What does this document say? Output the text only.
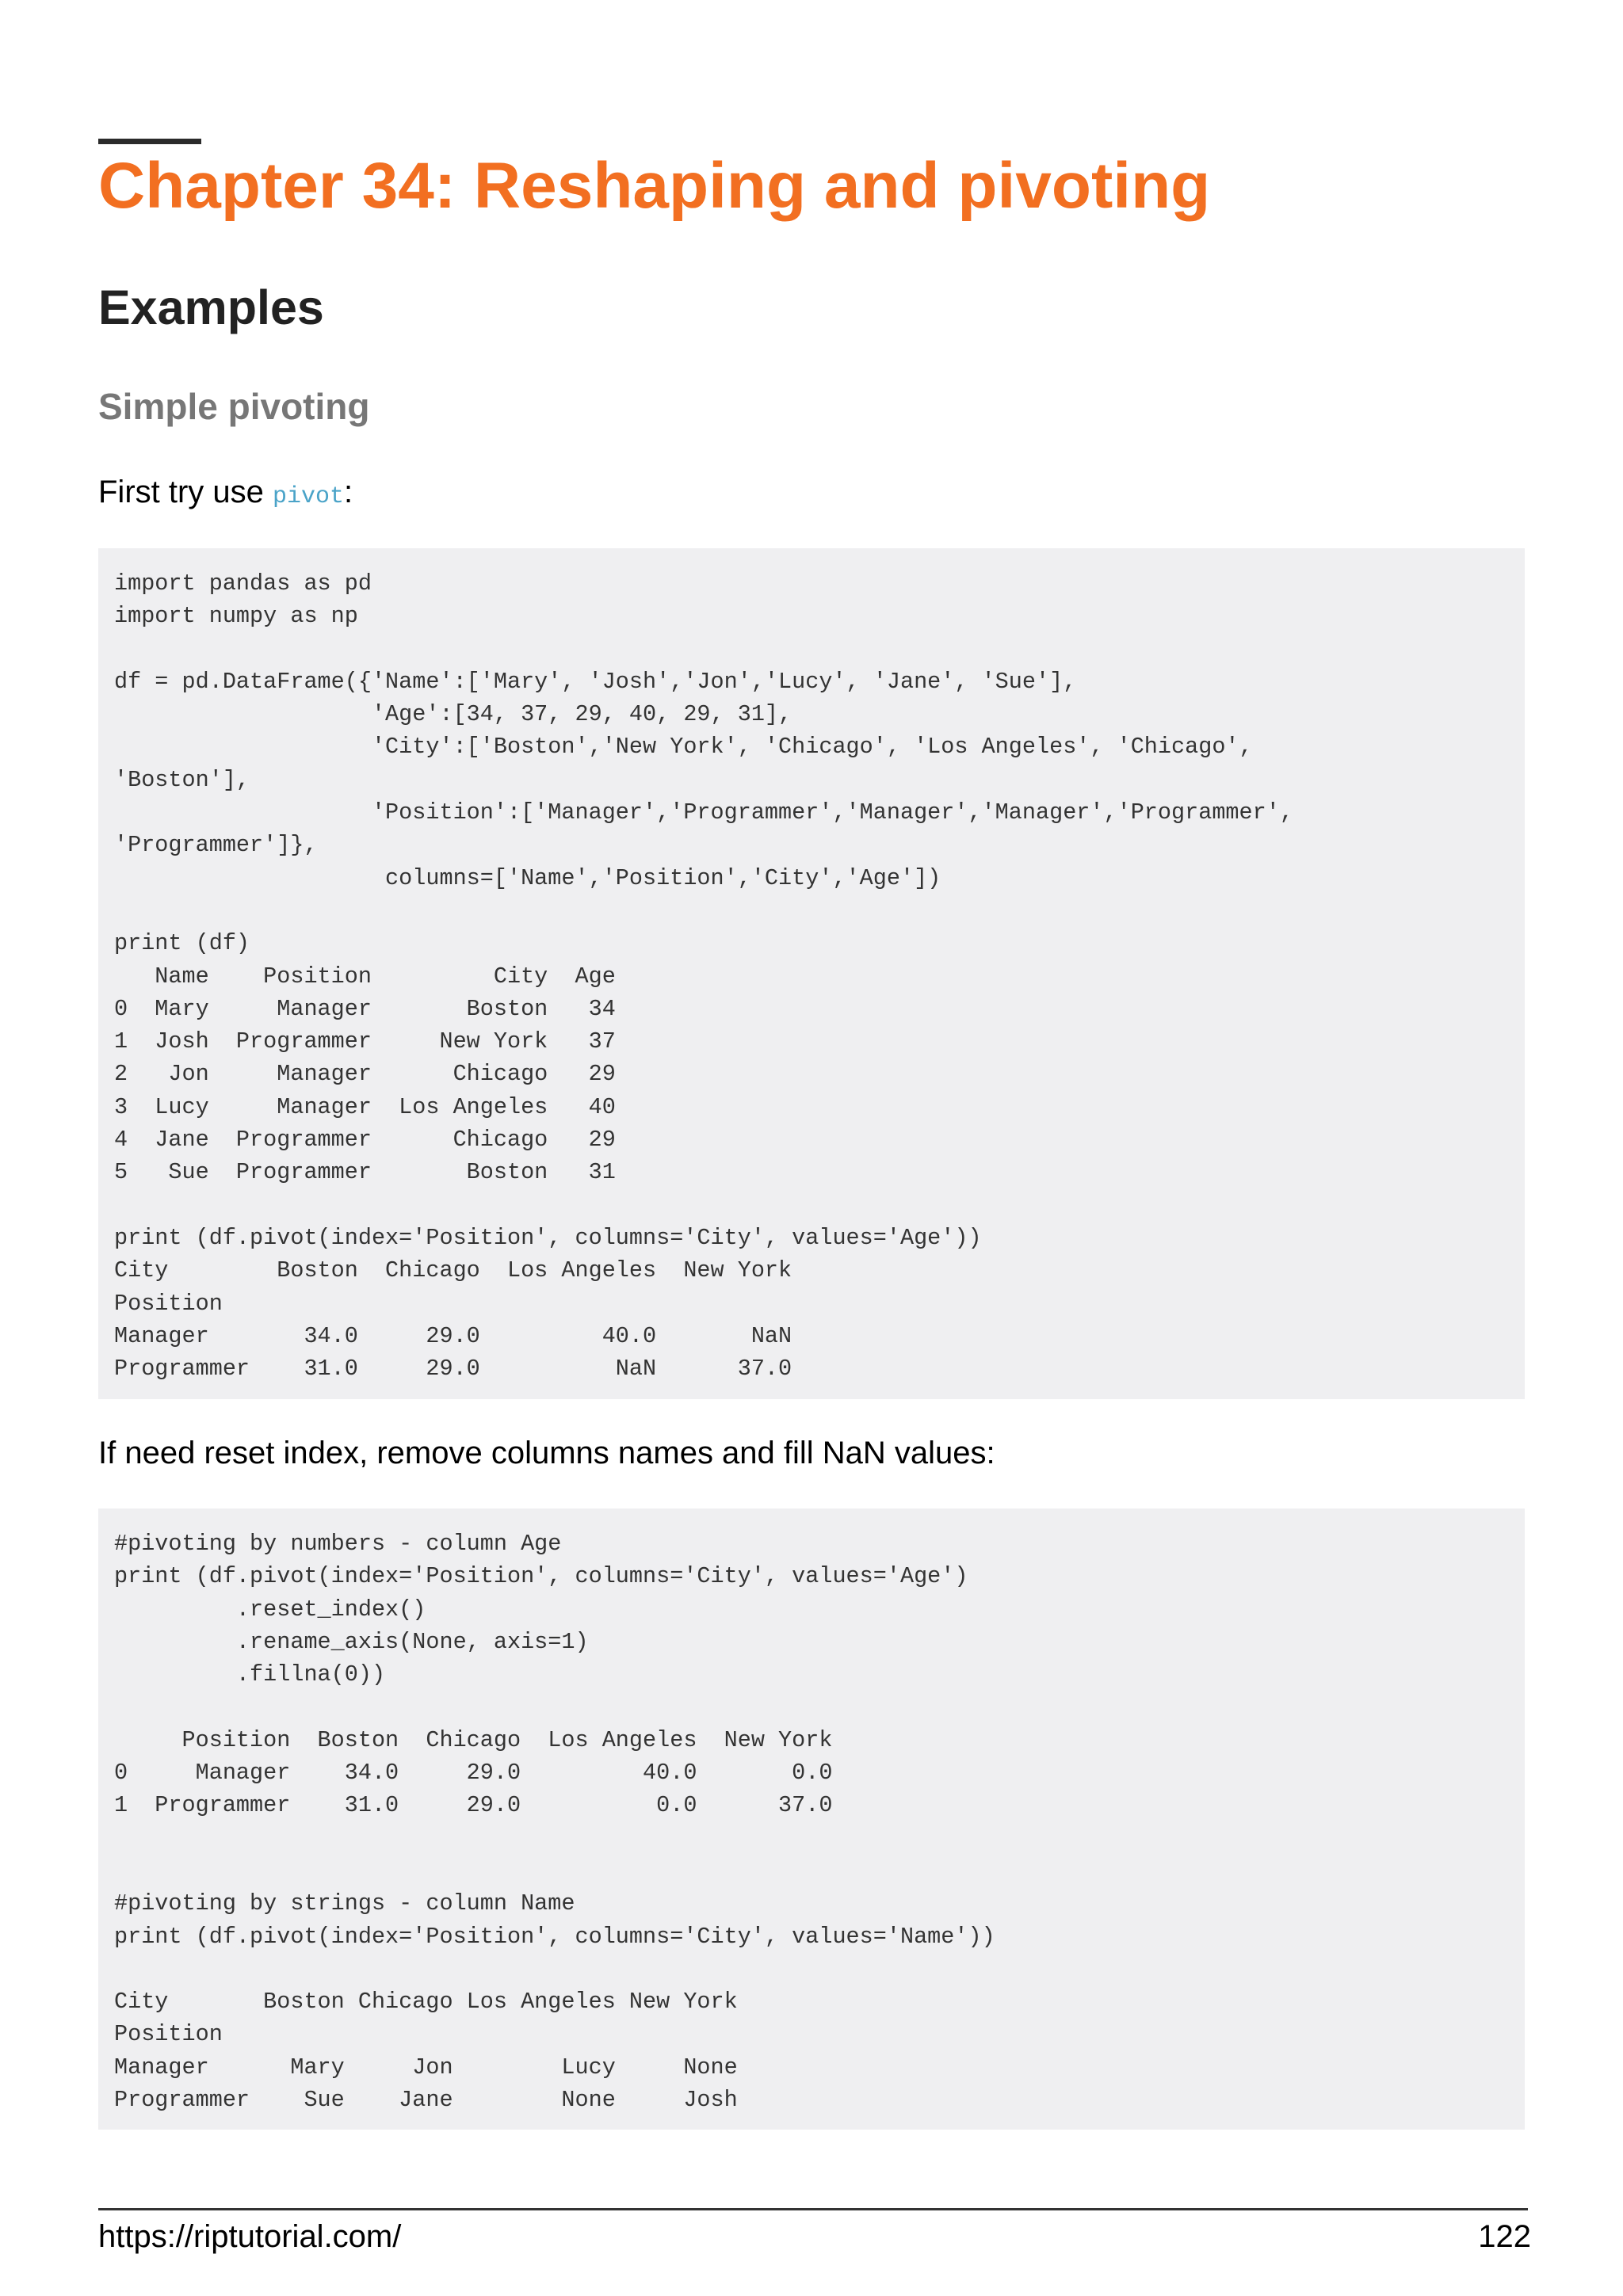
Chapter 34: Reshaping and pivoting
Examples
Simple pivoting

First try use pivot:

import pandas as pd
import numpy as np

df = pd.DataFrame({'Name':['Mary', 'Josh','Jon','Lucy', 'Jane', 'Sue'],
'Age':[34, 37, 29, 40, 29, 31],
'City':['Boston','New York', 'Chicago', 'Los Angeles', 'Chicago',
'Boston'],
'Position':['Manager','Programmer','Manager','Manager','Programmer',
'Programmer']},
columns=['Name','Position','City','Age'])

print (df)
Name    Position         City  Age
0  Mary     Manager       Boston   34
1  Josh  Programmer     New York   37
2   Jon     Manager      Chicago   29
3  Lucy     Manager  Los Angeles   40
4  Jane  Programmer      Chicago   29
5   Sue  Programmer       Boston   31

print (df.pivot(index='Position', columns='City', values='Age'))
City        Boston  Chicago  Los Angeles  New York
Position
Manager       34.0     29.0         40.0       NaN
Programmer    31.0     29.0          NaN      37.0

If need reset index, remove columns names and fill NaN values:

#pivoting by numbers - column Age
print (df.pivot(index='Position', columns='City', values='Age')
.reset_index()
.rename_axis(None, axis=1)
.fillna(0))

Position  Boston  Chicago  Los Angeles  New York
0     Manager    34.0     29.0         40.0       0.0
1  Programmer    31.0     29.0          0.0      37.0

#pivoting by strings - column Name
print (df.pivot(index='Position', columns='City', values='Name'))

City       Boston Chicago Los Angeles New York
Position
Manager      Mary     Jon        Lucy     None
Programmer    Sue    Jane        None     Josh

https://riptutorial.com/	122
